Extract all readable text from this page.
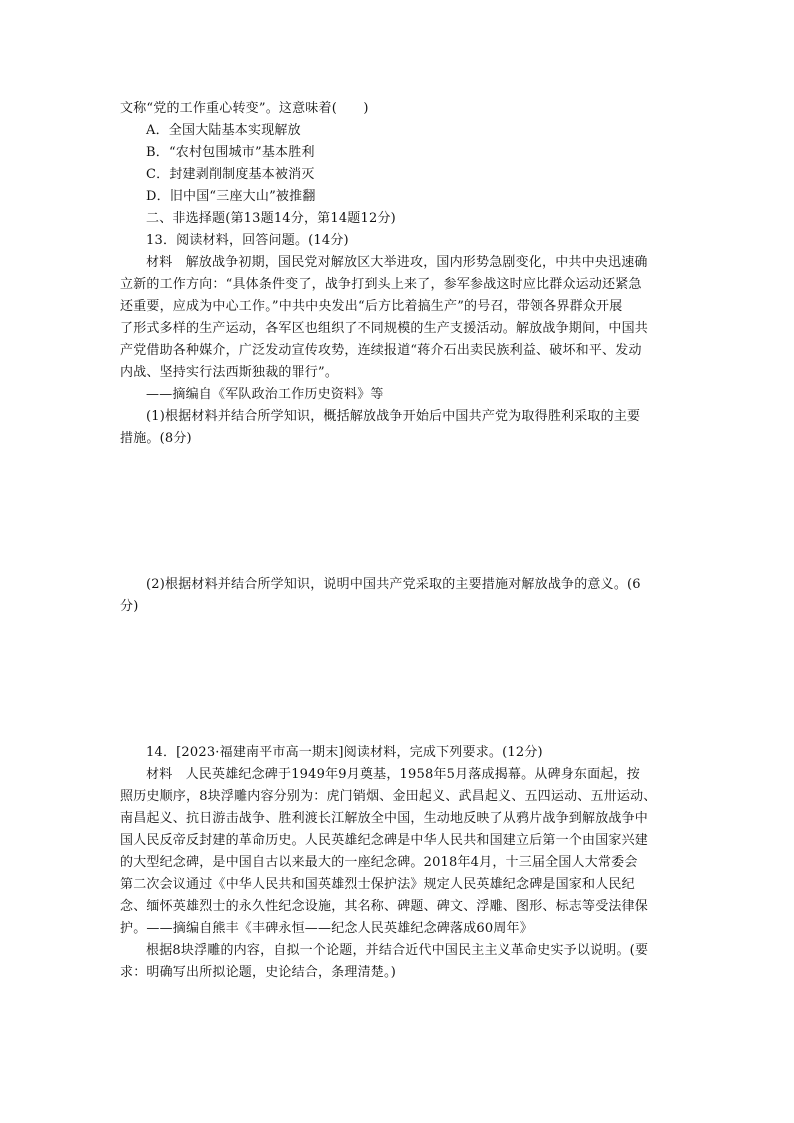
文称“党的工作重心转变”。这意味着(　　)
A．全国大陆基本实现解放
B．“农村包围城市”基本胜利
C．封建剥削制度基本被消灭
D．旧中国“三座大山”被推翻
二、非选择题(第13题14分，第14题12分)
13．阅读材料，回答问题。(14分)
材料　解放战争初期，国民党对解放区大举进攻，国内形势急剧变化，中共中央迅速确
立新的工作方向：“具体条件变了，战争打到头上来了，参军参战这时应比群众运动还紧急
还重要，应成为中心工作。”中共中央发出“后方比着搞生产”的号召，带领各界群众开展
了形式多样的生产运动，各军区也组织了不同规模的生产支援活动。解放战争期间，中国共
产党借助各种媒介，广泛发动宣传攻势，连续报道“蒋介石出卖民族利益、破坏和平、发动
内战、坚持实行法西斯独裁的罪行”。
——摘编自《军队政治工作历史资料》等
(1)根据材料并结合所学知识，概括解放战争开始后中国共产党为取得胜利采取的主要
措施。(8分)
(2)根据材料并结合所学知识，说明中国共产党采取的主要措施对解放战争的意义。(6
分)
14．[2023·福建南平市高一期末]阅读材料，完成下列要求。(12分)
材料　人民英雄纪念碑于1949年9月奠基，1958年5月落成揭幕。从碑身东面起，按
照历史顺序，8块浮雕内容分别为：虎门销烟、金田起义、武昌起义、五四运动、五卅运动、
南昌起义、抗日游击战争、胜利渡长江解放全中国，生动地反映了从鸦片战争到解放战争中
国人民反帝反封建的革命历史。人民英雄纪念碑是中华人民共和国建立后第一个由国家兴建
的大型纪念碑，是中国自古以来最大的一座纪念碑。2018年4月，十三届全国人大常委会
第二次会议通过《中华人民共和国英雄烈士保护法》规定人民英雄纪念碑是国家和人民纪
念、缅怀英雄烈士的永久性纪念设施，其名称、碑题、碑文、浮雕、图形、标志等受法律保
护。——摘编自熊丰《丰碑永恒——纪念人民英雄纪念碑落成60周年》
根据8块浮雕的内容，自拟一个论题，并结合近代中国民主主义革命史实予以说明。(要
求：明确写出所拟论题，史论结合，条理清楚。)
